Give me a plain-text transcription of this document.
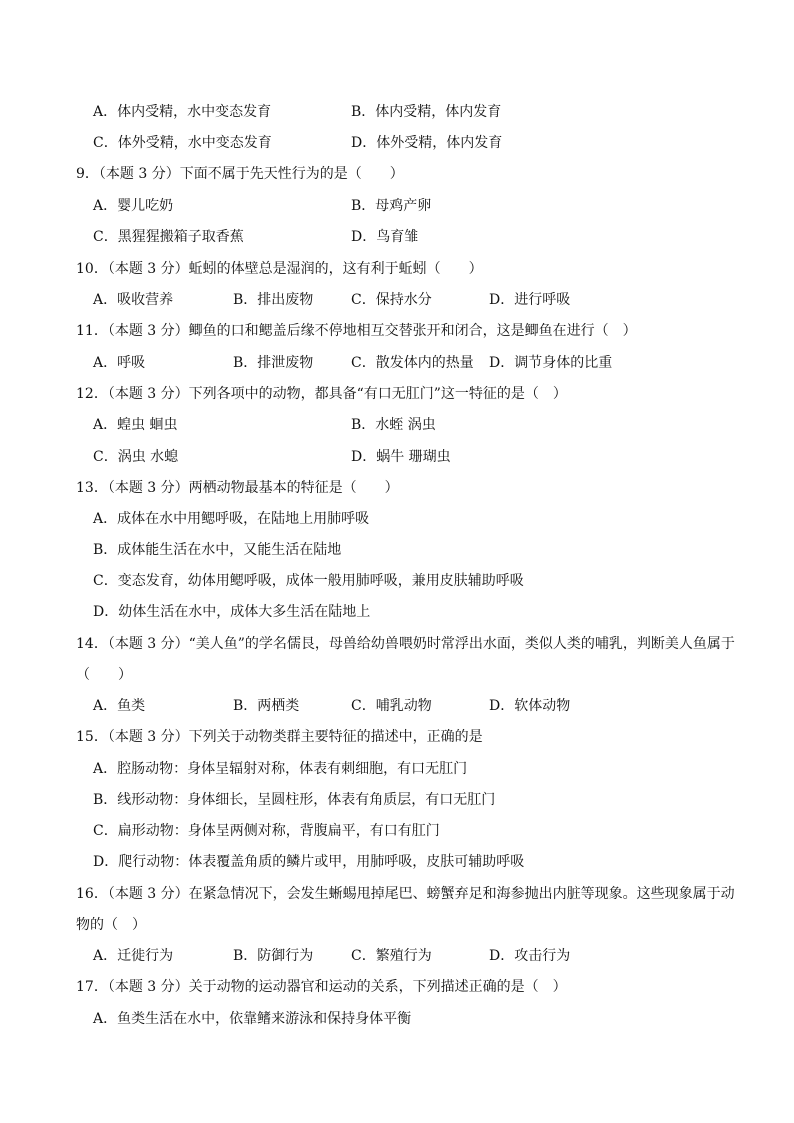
A．体内受精，水中变态发育	B．体内受精，体内发育
C．体外受精，水中变态发育	D．体外受精，体内发育
9．（本题 3 分）下面不属于先天性行为的是（　　）
A．婴儿吃奶	B．母鸡产卵
C．黑猩猩搬箱子取香蕉	D．鸟育雏
10．（本题 3 分）蚯蚓的体壁总是湿润的，这有利于蚯蚓（　　）
A．吸收营养	B．排出废物	C．保持水分	D．进行呼吸
11．（本题 3 分）鲫鱼的口和鳃盖后缘不停地相互交替张开和闭合，这是鲫鱼在进行（　）
A．呼吸	B．排泄废物	C．散发体内的热量 D．调节身体的比重
12．（本题 3 分）下列各项中的动物，都具备“有口无肛门”这一特征的是（　）
A．蝗虫 蛔虫	B．水蛭 涡虫
C．涡虫 水螅	D．蜗牛 珊瑚虫
13．（本题 3 分）两栖动物最基本的特征是（　　）
A．成体在水中用鳃呼吸，在陆地上用肺呼吸
B．成体能生活在水中，又能生活在陆地
C．变态发育，幼体用鳃呼吸，成体一般用肺呼吸，兼用皮肤辅助呼吸
D．幼体生活在水中，成体大多生活在陆地上
14．（本题 3 分）“美人鱼”的学名儒艮，母兽给幼兽喂奶时常浮出水面，类似人类的哺乳，判断美人鱼属于
（　　）
A．鱼类	B．两栖类	C．哺乳动物	D．软体动物
15．（本题 3 分）下列关于动物类群主要特征的描述中，正确的是
A．腔肠动物：身体呈辐射对称，体表有刺细胞，有口无肛门
B．线形动物：身体细长，呈圆柱形，体表有角质层，有口无肛门
C．扁形动物：身体呈两侧对称，背腹扁平，有口有肛门
D．爬行动物：体表覆盖角质的鳞片或甲，用肺呼吸，皮肤可辅助呼吸
16．（本题 3 分）在紧急情况下，会发生蜥蜴甩掉尾巴、螃蟹弃足和海参抛出内脏等现象。这些现象属于动
物的（　）
A．迁徙行为	B．防御行为	C．繁殖行为	D．攻击行为
17．（本题 3 分）关于动物的运动器官和运动的关系，下列描述正确的是（　）
A．鱼类生活在水中，依靠鳍来游泳和保持身体平衡
